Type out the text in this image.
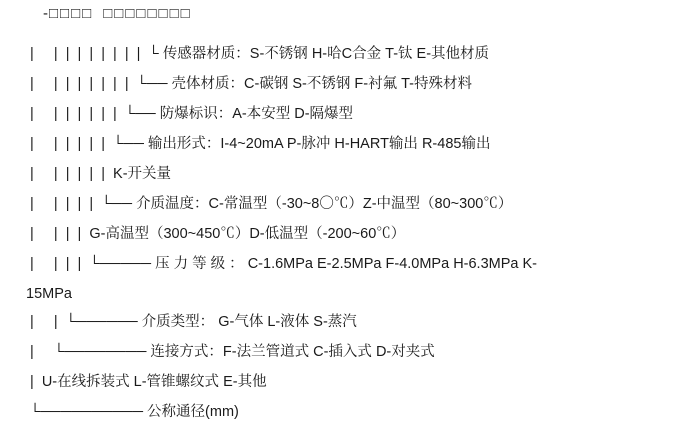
-□□□□ □□□□□□□□
|     |  |  |  |  |  |  |  |  └ 传感器材质：S-不锈钢 H-哈C合金 T-钛 E-其他材质
|     |  |  |  |  |  |  |  └── 壳体材质：C-碳钢 S-不锈钢 F-衬氟 T-特殊材料
|     |  |  |  |  |  |  └── 防爆标识：A-本安型 D-隔爆型
|     |  |  |  |  |  └── 输出形式：I-4~20mA P-脉冲 H-HART输出 R-485输出
|     |  |  |  |  |  K-开关量
|     |  |  |  |  └── 介质温度：C-常温型（-30~8〇℃）Z-中温型（80~300℃）
|     |  |  |  G-高温型（300~450℃）D-低温型（-200~60℃）
|     |  |  |  └───── 压 力 等 级 ： C-1.6MPa E-2.5MPa F-4.0MPa H-6.3MPa K-
15MPa
|     |  └────── 介质类型： G-气体 L-液体 S-蒸汽
|     └──────── 连接方式：F-法兰管道式 C-插入式 D-对夹式
|  U-在线拆装式 L-管锥螺纹式 E-其他
└────────── 公称通径(mm)
